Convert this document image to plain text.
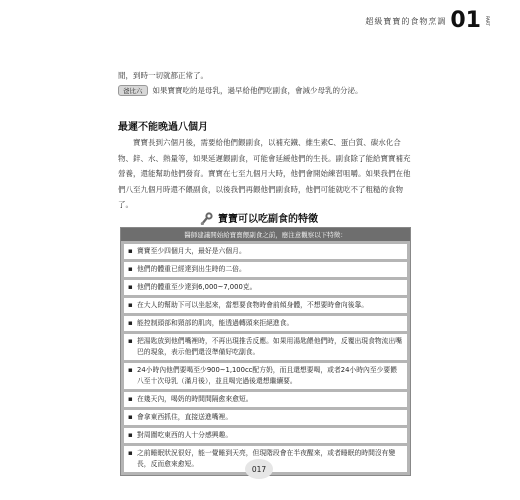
超級寶寶的食物烹調 01 PART
閒，到時一切就都正常了。
爸比六	如果寶寶吃的是母乳，過早給他們吃副食，會減少母乳的分泌。
最遲不能晚過八個月
寶寶長到六個月後，需要給他們餵副食，以補充鐵、維生素C、蛋白質、碳水化合物、鋅、水、熱量等，如果延遲餵副食，可能會延緩他們的生長。副食除了能給寶寶補充營養，還能幫助他們發育。寶寶在七至九個月大時，他們會開始練習咀嚼。如果我們在他們八至九個月時還不餵副食，以後我們再餵他們副食時，他們可能就吃不了粗糙的食物了。
寶寶可以吃副食的特徵
醫師建議開始給寶寶餵副食之前，應注意觀察以下特徵：
▪ 寶寶至少四個月大，最好是六個月。
▪ 他們的體重已經達到出生時的二倍。
▪ 他們的體重至少達到6,000~7,000克。
▪ 在大人的幫助下可以坐起來，當想要食物時會前傾身體，不想要時會向後靠。
▪ 能控制頭部和頸部的肌肉，能透過轉頭來拒絕進食。
▪ 把湯匙放到他們嘴裡時，不再出現推舌反應。如果用湯匙餵他們時，反覆出現食物流出嘴巴的現象，表示他們還沒準備好吃副食。
▪ 24小時內他們要喝至少900~1,100cc配方奶，而且還想要喝，或者24小時內至少要餵八至十次母乳（滿月後），並且喝完過後還想繼續要。
▪ 在幾天內，喝奶的時間間隔愈來愈短。
▪ 會拿東西抓住，直接送進嘴裡。
▪ 對周圍吃東西的人十分感興趣。
▪ 之前睡眠狀況很好，能一覺睡到天亮，但現階段會在半夜醒來，或者睡眠的時間沒有變長，反而愈來愈短。
017
